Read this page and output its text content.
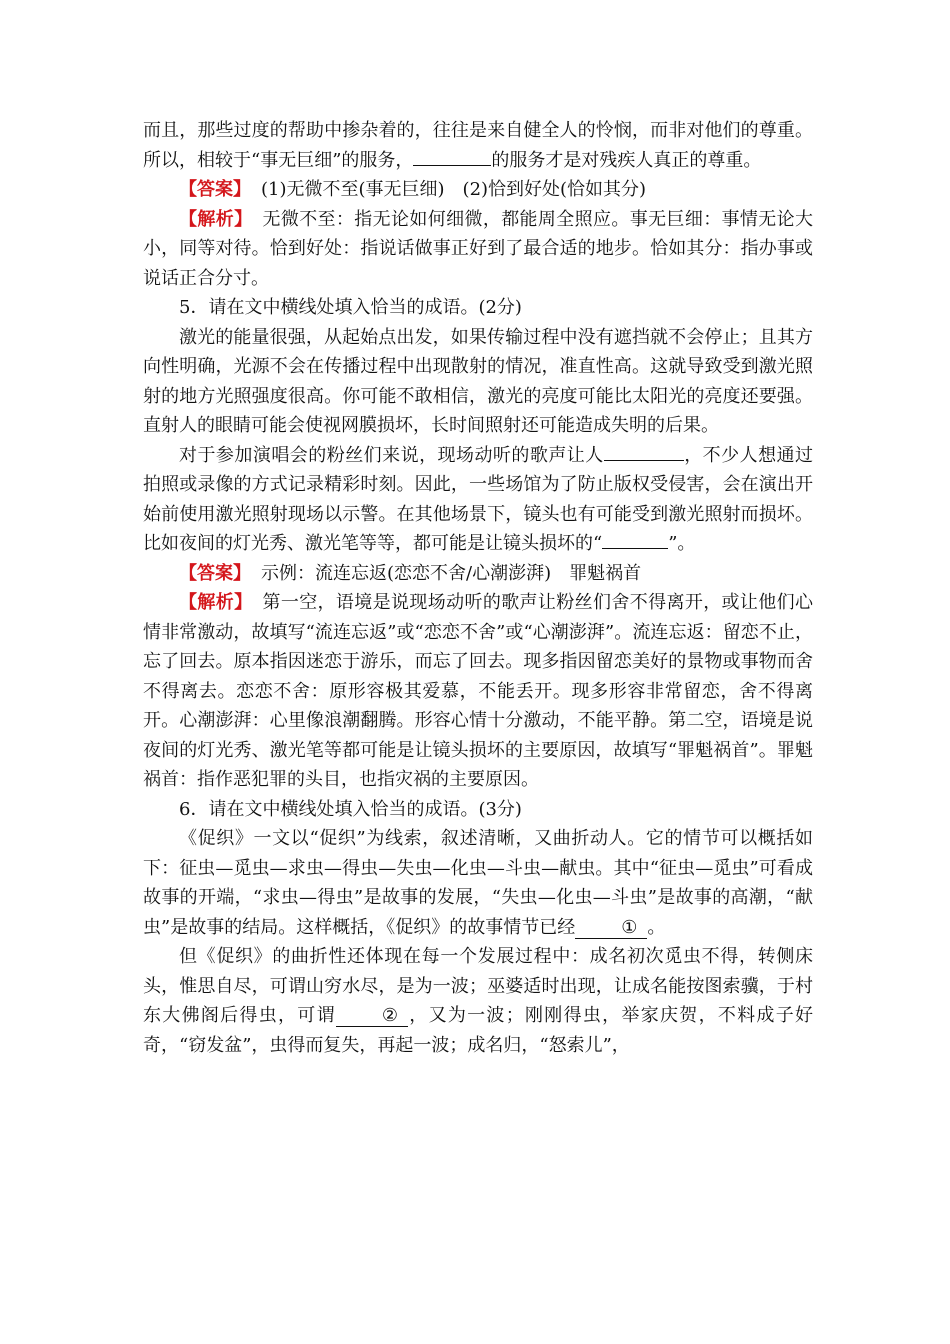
而且，那些过度的帮助中掺杂着的，往往是来自健全人的怜悯，而非对他们的尊重。所以，相较于“事无巨细”的服务，	的服务才是对残疾人真正的尊重。

【答案】 (1)无微不至(事无巨细)　(2)恰到好处(恰如其分)

【解析】 无微不至：指无论如何细微，都能周全照应。事无巨细：事情无论大小，同等对待。恰到好处：指说话做事正好到了最合适的地步。恰如其分：指办事或说话正合分寸。

5．请在文中横线处填入恰当的成语。(2分)

激光的能量很强，从起始点出发，如果传输过程中没有遮挡就不会停止；且其方向性明确，光源不会在传播过程中出现散射的情况，准直性高。这就导致受到激光照射的地方光照强度很高。你可能不敢相信，激光的亮度可能比太阳光的亮度还要强。直射人的眼睛可能会使视网膜损坏，长时间照射还可能造成失明的后果。

对于参加演唱会的粉丝们来说，现场动听的歌声让人	，不少人想通过拍照或录像的方式记录精彩时刻。因此，一些场馆为了防止版权受侵害，会在演出开始前使用激光照射现场以示警。在其他场景下，镜头也有可能受到激光照射而损坏。比如夜间的灯光秀、激光笔等等，都可能是让镜头损坏的“	”。

【答案】 示例：流连忘返(恋恋不舍/心潮澎湃)　罪魁祸首

【解析】 第一空，语境是说现场动听的歌声让粉丝们舍不得离开，或让他们心情非常激动，故填写“流连忘返”或“恋恋不舍”或“心潮澎湃”。流连忘返：留恋不止，忘了回去。原本指因迷恋于游乐，而忘了回去。现多指因留恋美好的景物或事物而舍不得离去。恋恋不舍：原形容极其爱慕，不能丢开。现多形容非常留恋，舍不得离开。心潮澎湃：心里像浪潮翻腾。形容心情十分激动，不能平静。第二空，语境是说夜间的灯光秀、激光笔等都可能是让镜头损坏的主要原因，故填写“罪魁祸首”。罪魁祸首：指作恶犯罪的头目，也指灾祸的主要原因。

6．请在文中横线处填入恰当的成语。(3分)

《促织》一文以“促织”为线索，叙述清晰，又曲折动人。它的情节可以概括如下：征虫—觅虫—求虫—得虫—失虫—化虫—斗虫—献虫。其中“征虫—觅虫”可看成故事的开端，“求虫—得虫”是故事的发展，“失虫—化虫—斗虫”是故事的高潮，“献虫”是故事的结局。这样概括，《促织》的故事情节已经	① 。

但《促织》的曲折性还体现在每一个发展过程中：成名初次觅虫不得，转侧床头，惟思自尽，可谓山穷水尽，是为一波；巫婆适时出现，让成名能按图索骥，于村东大佛阁后得虫，可谓	② ，又为一波；刚刚得虫，举家庆贺，不料成子好奇，“窃发盆”，虫得而复失，再起一波；成名归，“怒索儿”，
